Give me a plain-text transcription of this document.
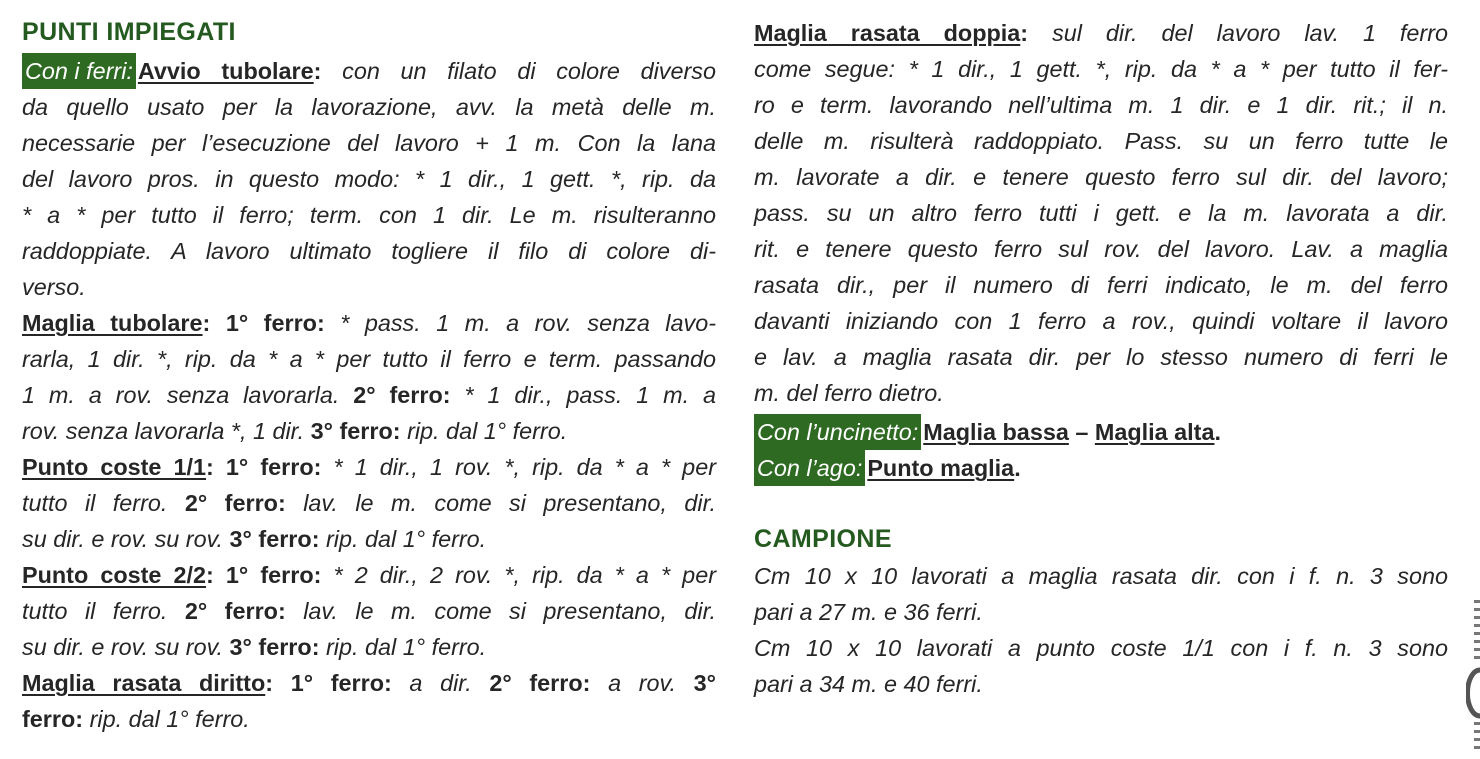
PUNTI IMPIEGATI
Con i ferri: Avvio tubolare: con un filato di colore diverso
da quello usato per la lavorazione, avv. la metà delle m.
necessarie per l’esecuzione del lavoro + 1 m. Con la lana
del lavoro pros. in questo modo: * 1 dir., 1 gett. *, rip. da
* a * per tutto il ferro; term. con 1 dir. Le m. risulteranno
raddoppiate. A lavoro ultimato togliere il filo di colore di-
verso.
Maglia tubolare: 1° ferro: * pass. 1 m. a rov. senza lavo-
rarla, 1 dir. *, rip. da * a * per tutto il ferro e term. passando
1 m. a rov. senza lavorarla. 2° ferro: * 1 dir., pass. 1 m. a
rov. senza lavorarla *, 1 dir. 3° ferro: rip. dal 1° ferro.
Punto coste 1/1: 1° ferro: * 1 dir., 1 rov. *, rip. da * a * per
tutto il ferro. 2° ferro: lav. le m. come si presentano, dir.
su dir. e rov. su rov. 3° ferro: rip. dal 1° ferro.
Punto coste 2/2: 1° ferro: * 2 dir., 2 rov. *, rip. da * a * per
tutto il ferro. 2° ferro: lav. le m. come si presentano, dir.
su dir. e rov. su rov. 3° ferro: rip. dal 1° ferro.
Maglia rasata diritto: 1° ferro: a dir. 2° ferro: a rov. 3°
ferro: rip. dal 1° ferro.
Maglia rasata doppia: sul dir. del lavoro lav. 1 ferro
come segue: * 1 dir., 1 gett. *, rip. da * a * per tutto il fer-
ro e term. lavorando nell’ultima m. 1 dir. e 1 dir. rit.; il n.
delle m. risulterà raddoppiato. Pass. su un ferro tutte le
m. lavorate a dir. e tenere questo ferro sul dir. del lavoro;
pass. su un altro ferro tutti i gett. e la m. lavorata a dir.
rit. e tenere questo ferro sul rov. del lavoro. Lav. a maglia
rasata dir., per il numero di ferri indicato, le m. del ferro
davanti iniziando con 1 ferro a rov., quindi voltare il lavoro
e lav. a maglia rasata dir. per lo stesso numero di ferri le
m. del ferro dietro.
Con l’uncinetto: Maglia bassa – Maglia alta.
Con l’ago: Punto maglia.
CAMPIONE
Cm 10 x 10 lavorati a maglia rasata dir. con i f. n. 3 sono
pari a 27 m. e 36 ferri.
Cm 10 x 10 lavorati a punto coste 1/1 con i f. n. 3 sono
pari a 34 m. e 40 ferri.
